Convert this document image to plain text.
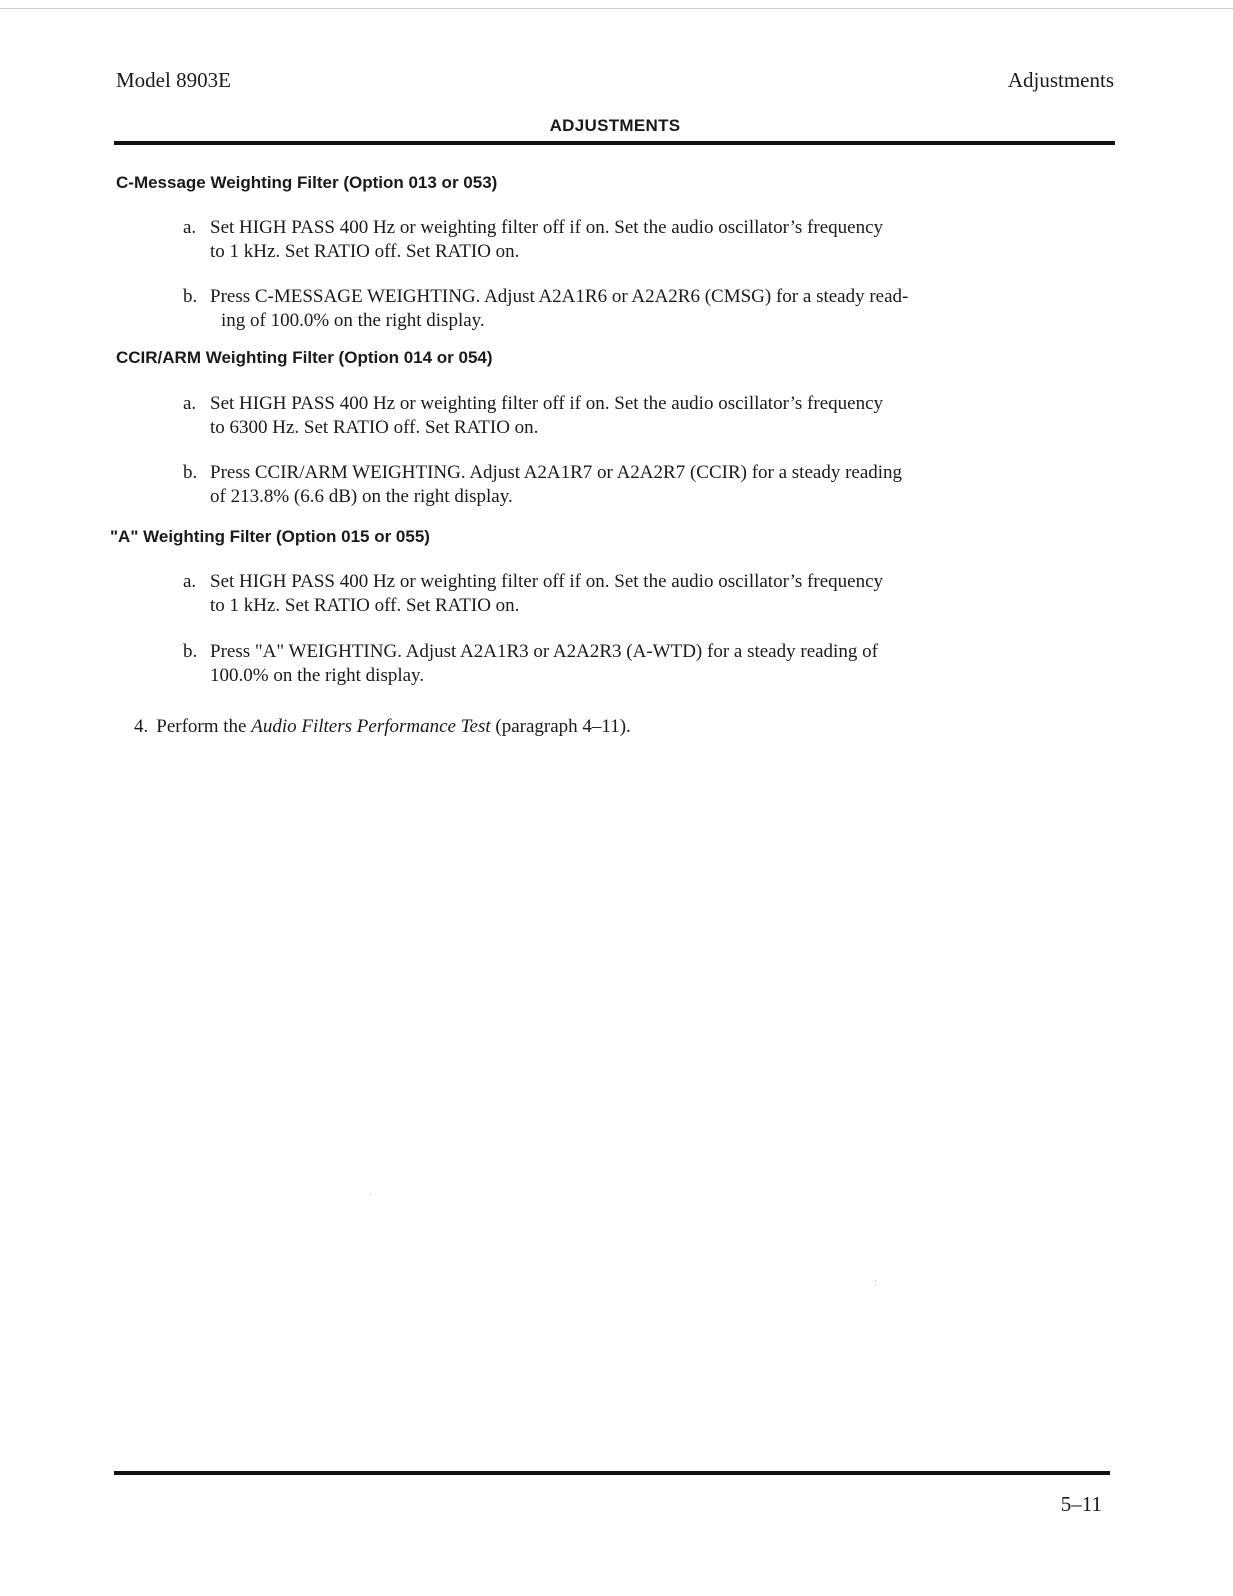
Model 8903E	Adjustments
ADJUSTMENTS
C-Message Weighting Filter (Option 013 or 053)
a. Set HIGH PASS 400 Hz or weighting filter off if on. Set the audio oscillator’s frequency
to 1 kHz. Set RATIO off. Set RATIO on.
b. Press C-MESSAGE WEIGHTING. Adjust A2A1R6 or A2A2R6 (CMSG) for a steady read-
ing of 100.0% on the right display.
CCIR/ARM Weighting Filter (Option 014 or 054)
a. Set HIGH PASS 400 Hz or weighting filter off if on. Set the audio oscillator’s frequency
to 6300 Hz. Set RATIO off. Set RATIO on.
b. Press CCIR/ARM WEIGHTING. Adjust A2A1R7 or A2A2R7 (CCIR) for a steady reading
of 213.8% (6.6 dB) on the right display.
"A" Weighting Filter (Option 015 or 055)
a. Set HIGH PASS 400 Hz or weighting filter off if on. Set the audio oscillator’s frequency
to 1 kHz. Set RATIO off. Set RATIO on.
b. Press "A" WEIGHTING. Adjust A2A1R3 or A2A2R3 (A-WTD) for a steady reading of
100.0% on the right display.
4. Perform the Audio Filters Performance Test (paragraph 4–11).
5–11
